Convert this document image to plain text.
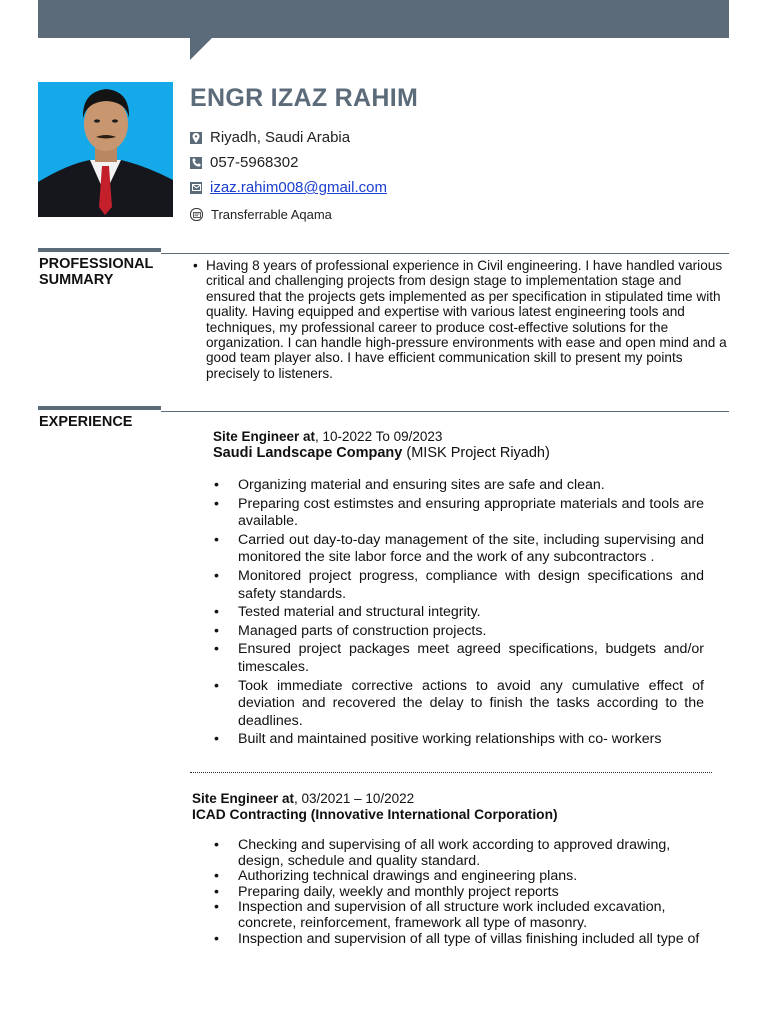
ENGR IZAZ RAHIM
Riyadh, Saudi Arabia
057-5968302
izaz.rahim008@gmail.com
Transferrable Aqama
PROFESSIONAL
SUMMARY
• Having 8 years of professional experience in Civil engineering. I have handled various critical and challenging projects from design stage to implementation stage and ensured that the projects gets implemented as per specification in stipulated time with quality. Having equipped and expertise with various latest engineering tools and techniques, my professional career to produce cost-effective solutions for the organization. I can handle high-pressure environments with ease and open mind and a good team player also. I have efficient communication skill to present my points precisely to listeners.
EXPERIENCE
Site Engineer at, 10-2022 To 09/2023
Saudi Landscape Company (MISK Project Riyadh)
• Organizing material and ensuring sites are safe and clean.
• Preparing cost estimstes and ensuring appropriate materials and tools are available.
• Carried out day-to-day management of the site, including supervising and monitored the site labor force and the work of any subcontractors .
• Monitored project progress, compliance with design specifications and safety standards.
• Tested material and structural integrity.
• Managed parts of construction projects.
• Ensured project packages meet agreed specifications, budgets and/or timescales.
• Took immediate corrective actions to avoid any cumulative effect of deviation and recovered the delay to finish the tasks according to the deadlines.
• Built and maintained positive working relationships with co- workers
Site Engineer at, 03/2021 – 10/2022
ICAD Contracting (Innovative International Corporation)
• Checking and supervising of all work according to approved drawing, design, schedule and quality standard.
• Authorizing technical drawings and engineering plans.
• Preparing daily, weekly and monthly project reports
• Inspection and supervision of all structure work included excavation, concrete, reinforcement, framework all type of masonry.
• Inspection and supervision of all type of villas finishing included all type of
